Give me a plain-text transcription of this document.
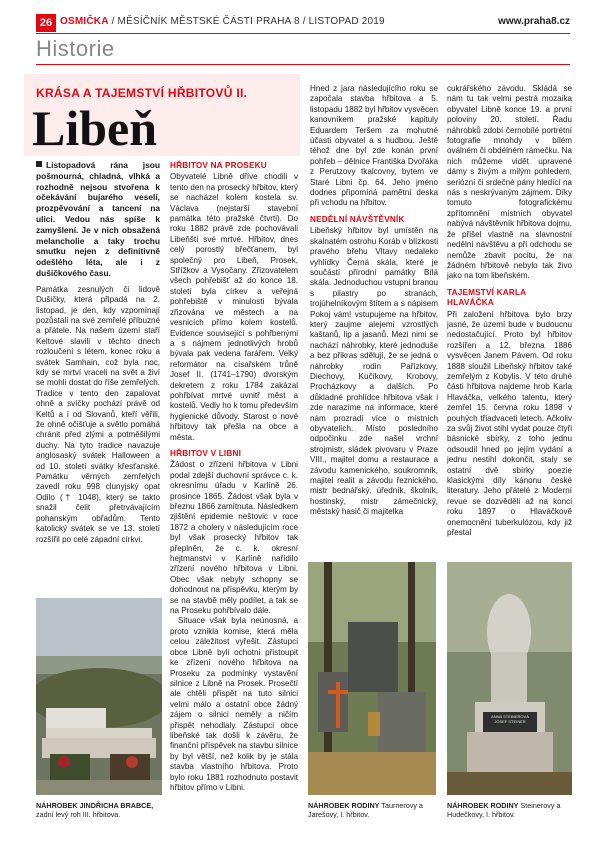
26 OSMIČKA / MĚSÍČNÍK MĚSTSKÉ ČÁSTI PRAHA 8 / LISTOPAD 2019	www.praha8.cz
Historie
KRÁSA A TAJEMSTVÍ HŘBITOVŮ II.
Libeň

Listopadová rána jsou pošmourná, chladná, vlhká a rozhodně nejsou stvořena k očekávání bujarého veselí, prozpěvování a tancení na ulici. Vedou nás spíše k zamyšlení. Je v nich obsažená melancholie a taky trochu smutku nejen z definitivně odešlého léta, ale i z dušičkového času.

Památka zesnulých či lidově Dušičky, která připadá na 2. listopad, je den, kdy vzpomínají pozůstalí na své zemřelé příbuzné a přátele. Na našem území staří Keltové slavili v těchto dnech rozloučení s létem, konec roku a svátek Samhain, což byla noc, kdy se mrtví vraceli na svět a živí se mohli dostat do říše zemřelých. Tradice v tento den zapalovat ohně a svíčky pochází právě od Keltů a i od Slovanů, kteří věřili, že ohně očišťuje a světlo pomáhá chránit před zlými a potměšilými duchy. Na tyto tradice navazuje anglosaský svátek Halloween a od 10. století svátky křesťanské. Památku věrných zemřelých zavedl roku 998 clunyjský opat Odilo († 1048), který se takto snažil čelit přetrvávajícím pohanským obřadům. Tento katolický svátek se ve 13. století rozšířil po celé západní církvi.

HŘBITOV NA PROSEKU

Obyvatelé Libně dříve chodili v tento den na prosecký hřbitov, který se nacházel kolem kostela sv. Václava (nejstarší stavební památka této pražské čtvrti). Do roku 1882 právě zde pochovávali Libeňští své mrtvé. Hřbitov, dnes celý porostlý břečťanem, byl společný pro Libeň, Prosek, Střížkov a Vysočany. Zřizovatelem všech pohřebišť až do konce 18. století byla církev a veřejná pohřebiště v minulosti bývala zřizována ve městech a na vesnicích přímo kolem kostelů. Evidence související s pohřbenými a s nájmem jednotlivých hrobů bývala pak vedena farářem. Velký reformátor na císařském trůně Josef II. (1741–1790) dvorským dekretem z roku 1784 zakázal pohřbívat mrtvé uvnitř měst a kostelů. Vedly ho k tomu především hygienické důvody. Starost o nové hřbitovy tak přešla na obce a města.

HŘBITOV V LIBNI

Žádost o zřízení hřbitova v Libni podal zdejší duchovní správce c. k. okresnímu úřadu v Karlíně 26. prosince 1865. Žádost však byla v březnu 1866 zamítnuta. Následkem zjištění epidemie neštovic v roce 1872 a cholery v následujícím roce byl však prosecký hřbitov tak přeplněn, že c. k. okresní hejtmanství v Karlíně nařídilo zřízení nového hřbitova v Libni. Obec však nebyly schopny se dohodnout na příspěvku, kterým by se na stavbě měly podílet, a tak se na Proseku pohřbívalo dále.

Situace však byla neúnosná, a proto vznikla komise, která měla celou záležitost vyřešit. Zástupci obce Libně byli ochotni přistoupit ke zřízení nového hřbitova na Proseku za podmínky vystavění silnice z Libně na Prosek. Prosečtí ale chtěli přispět na tuto silnici velmi málo a ostatní obce žádný zájem o silnici neměly a ničím přispět nehodlaly. Zástupci obce libeňské tak došli k závěru, že finanční příspěvek na stavbu silnice by byl větší, než kolik by je stála stavba vlastního hřbitova. Proto bylo roku 1881 rozhodnuto postavit hřbitov přímo v Libni.

Hned z jara následujícího roku se započala stavba hřbitova a 5. listopadu 1882 byl hřbitov vysvěcen kanovníkem pražské kapituly Eduardem Teršem za mohutné účasti obyvatel a s hudbou. Ještě téhož dne byl zde konán první pohřeb – dělnice Františka Dvořáka z Perutzovy tkalcovny, bytem ve Staré Libni čp. 64. Jeho jméno dodnes připomíná pamětní deska při vchodu na hřbitov.

NEDĚLNÍ NÁVŠTĚVNÍK

Libeňský hřbitov byl umístěn na skalnatém ostrohu Koráb v blízkosti pravého břehu Vltavy nedaleko vyhlídky Černá skála, které je součástí přírodní památky Bílá skála. Jednoduchou vstupní branou s pilastry po stranách, trojúhelníkovým štítem a s nápisem Pokoj vám! vstupujeme na hřbitov, který zaujme alejemi vzrostlých kaštanů, lip a jasanů. Mezi nimi se nachází náhrobky, které jednoduše a bez přikras sdělují, že se jedná o náhrobky rodin Pařízkovy, Diechovy, Kučíkovy, Krobovy, Procházkovy a dalších. Po důkladné prohlídce hřbitova však i zde narazíme na informace, které nám prozradí více o místních obyvatelích. Místo posledního odpočinku zde našel vrchní strojmistr, sládek pivovaru v Praze VIII., majitel domu a restaurace a závodu kamenického, soukromník, majitel realit a závodu řeznického, mistr bednářský, úředník, školník, hostinský, mistr zámečnický, městský hasič či majitelka

cukrářského závodu. Skládá se nám tu tak velmi pestrá mozaika obyvatel Libně konce 19. a první poloviny 20. století. Řadu náhrobků zdobí černobílé portrétní fotografie mnohdy v bílém oválném či obdélném rámečku. Na nich můžeme vidět upravené dámy s živým a milým pohledem, seriózní či srdečné pány hledící na nás s neskrývaným zájmem. Díky tomuto fotografickému zpřítomnění místních obyvatel nabývá návštěvník hřbitova dojmu, že přišel vlastně na slavnostní nedělní návštěvu a při odchodu se nemůže zbavit pocitu, že na žádném hřbitově nebylo tak živo jako na tom libeňském.

TAJEMSTVÍ KARLA HLAVÁČKA

Při založení hřbitova bylo brzy jasné, že území bude v budoucnu nedostačující. Proto byl hřbitov rozšířen a 12. března 1886 vysvěcen Janem Pávem. Od roku 1888 sloužil Libeňský hřbitov také zemřelým z Kobylis. V této druhé části hřbitova najdeme hrob Karla Hlaváčka, velkého talentu, který zemřel 15. června roku 1898 v pouhých třiadvaceti letech. Ačkoliv za svůj život stihl vydat pouze čtyři básnické sbírky, z toho jednu odsoudil hned po jejím vydání a jednu nestihl dokončit, staly se ostatní dvě sbírky poezie klasickými díly kánonu české literatury. Jeho přátelé z Moderní revue se dozvěděli až na konci roku 1897 o Hlaváčkově onemocnění tuberkulózou, kdy již přestal

NÁHROBEK JINDŘICHA BRABCE,
zadní levý roh III. hřbitova.
NÁHROBEK RODINY Taurnerovy a Jarešovy, I. hřbitov.
ANNA STEINEROVÁ
JOSEF STEINER
NÁHROBEK RODINY Steinerovy a Hudečkovy, I. hřbitov.
